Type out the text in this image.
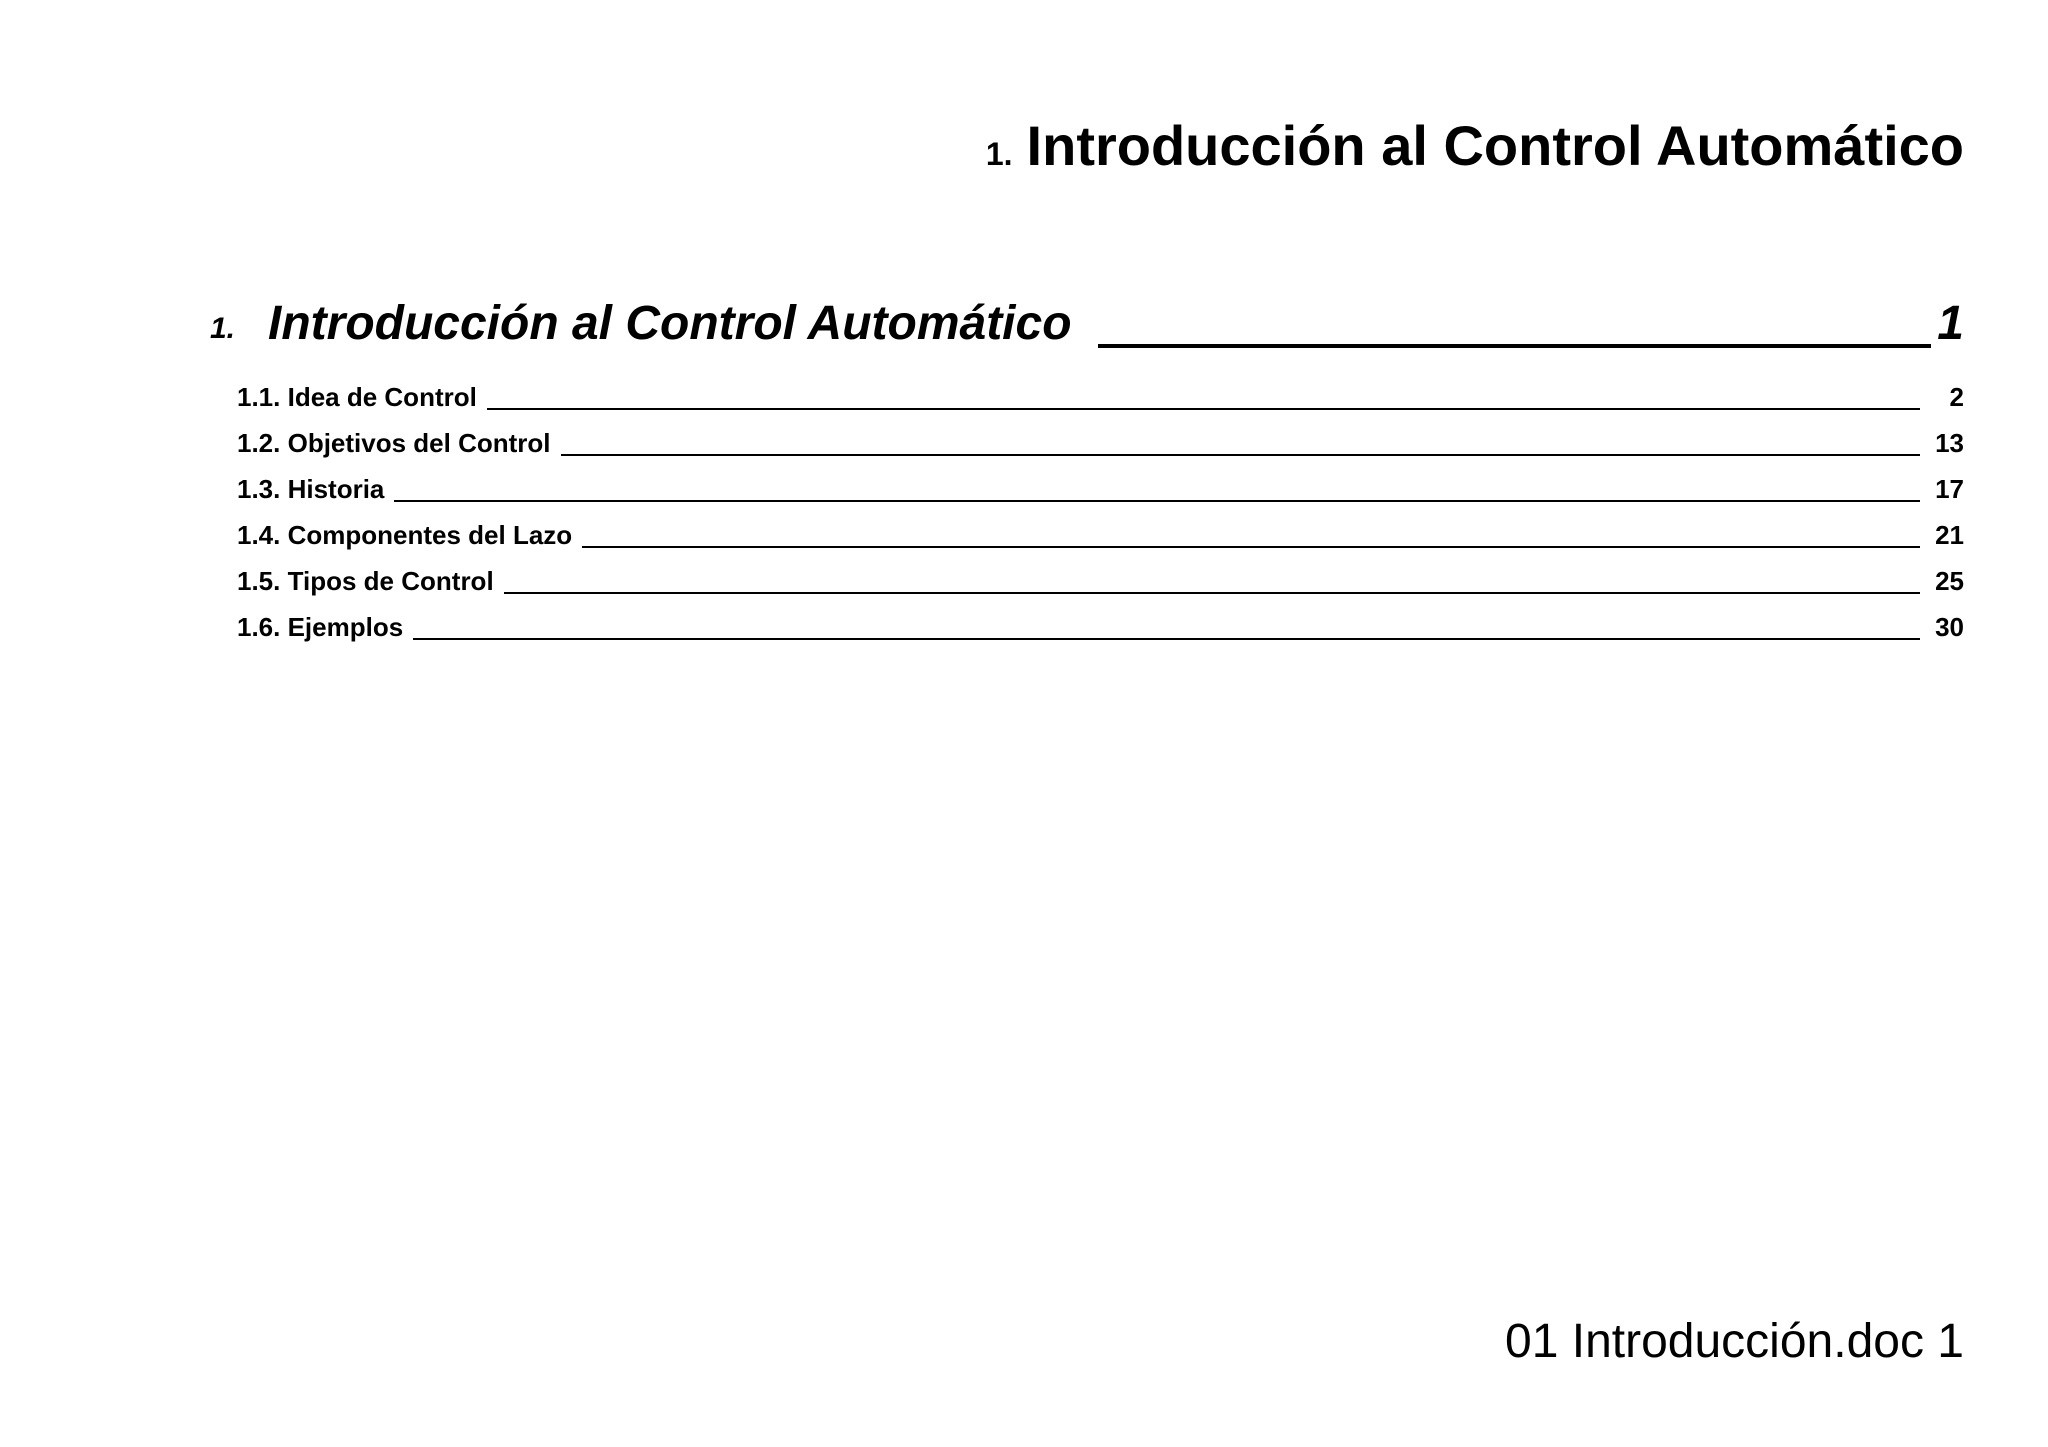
1. Introducción al Control Automático
1. Introducción al Control Automático	1
1.1. Idea de Control	2
1.2. Objetivos del Control	13
1.3. Historia	17
1.4. Componentes del Lazo	21
1.5. Tipos de Control	25
1.6. Ejemplos	30
01 Introducción.doc 1
